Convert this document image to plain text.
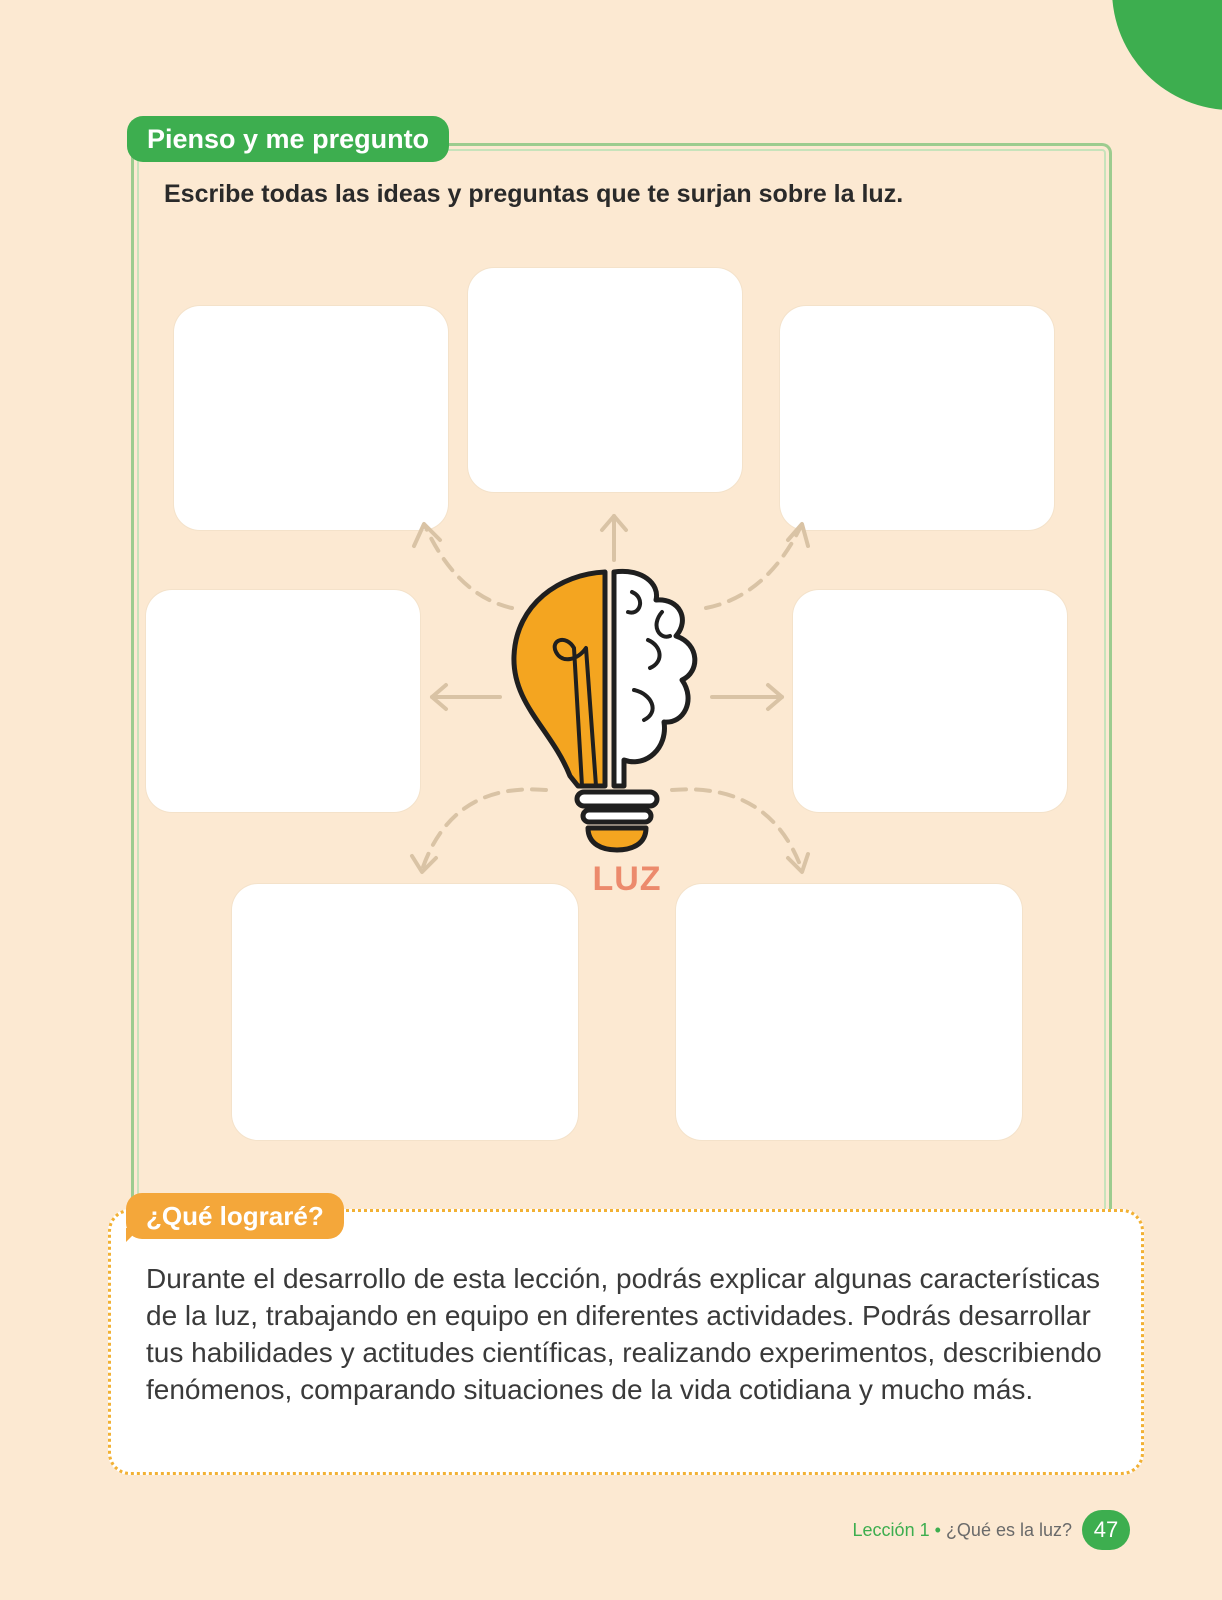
Pienso y me pregunto
Escribe todas las ideas y preguntas que te surjan sobre la luz.
LUZ
¿Qué lograré?
Durante el desarrollo de esta lección, podrás explicar algunas características de la luz, trabajando en equipo en diferentes actividades. Podrás desarrollar tus habilidades y actitudes científicas, realizando experimentos, describiendo fenómenos, comparando situaciones de la vida cotidiana y mucho más.
Lección 1 • ¿Qué es la luz? 47
